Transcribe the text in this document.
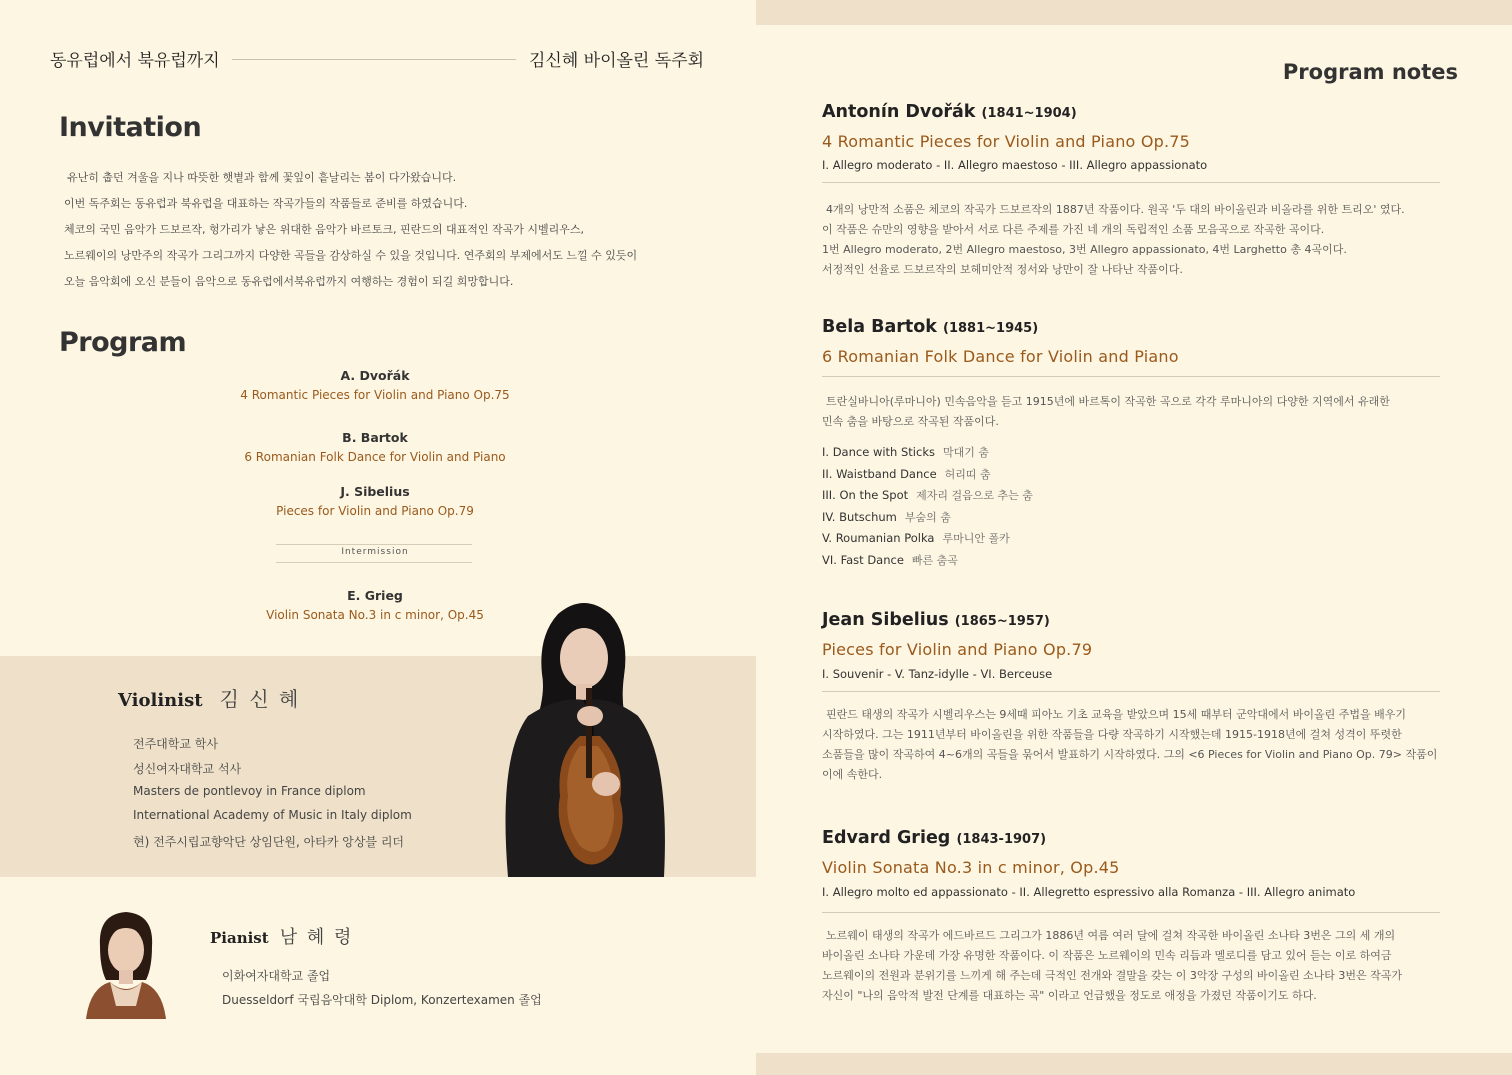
동유럽에서 북유럽까지	김신혜 바이올린 독주회
Invitation
유난히 춥던 겨울을 지나 따뜻한 햇볕과 함께 꽃잎이 흩날리는 봄이 다가왔습니다.
이번 독주회는 동유럽과 북유럽을 대표하는 작곡가들의 작품들로 준비를 하였습니다.
체코의 국민 음악가 드보르작, 헝가리가 낳은 위대한 음악가 바르토크, 핀란드의 대표적인 작곡가 시벨리우스,
노르웨이의 낭만주의 작곡가 그리그까지 다양한 곡들을 감상하실 수 있을 것입니다. 연주회의 부제에서도 느낄 수 있듯이
오늘 음악회에 오신 분들이 음악으로 동유럽에서북유럽까지 여행하는 경험이 되길 희망합니다.
Program
A. Dvořák
4 Romantic Pieces for Violin and Piano Op.75
B. Bartok
6 Romanian Folk Dance for Violin and Piano
J. Sibelius
Pieces for Violin and Piano Op.79
Intermission
E. Grieg
Violin Sonata No.3 in c minor, Op.45
Violinist 김 신 혜
전주대학교 학사
성신여자대학교 석사
Masters de pontlevoy in France diplom
International Academy of Music in Italy diplom
현) 전주시립교향악단 상임단원, 아타카 앙상블 리더
Pianist 남 혜 령
이화여자대학교 졸업
Duesseldorf 국립음악대학 Diplom, Konzertexamen 졸업
Program notes
Antonín Dvořák (1841~1904)
4 Romantic Pieces for Violin and Piano Op.75
I. Allegro moderato - II. Allegro maestoso - III. Allegro appassionato
4개의 낭만적 소품은 체코의 작곡가 드보르작의 1887년 작품이다. 원곡 '두 대의 바이올린과 비올라를 위한 트리오' 였다.
이 작품은 슈만의 영향을 받아서 서로 다른 주제를 가진 네 개의 독립적인 소품 모음곡으로 작곡한 곡이다.
1번 Allegro moderato, 2번 Allegro maestoso, 3번 Allegro appassionato, 4번 Larghetto 총 4곡이다.
서정적인 선율로 드보르작의 보헤미안적 정서와 낭만이 잘 나타난 작품이다.
Bela Bartok (1881~1945)
6 Romanian Folk Dance for Violin and Piano
트란실바니아(루마니아) 민속음악을 듣고 1915년에 바르톡이 작곡한 곡으로 각각 루마니아의 다양한 지역에서 유래한
민속 춤을 바탕으로 작곡된 작품이다.
I. Dance with Sticks 막대기 춤
II. Waistband Dance 허리띠 춤
III. On the Spot 제자리 걸음으로 추는 춤
IV. Butschum 부숨의 춤
V. Roumanian Polka 루마니안 폴카
VI. Fast Dance 빠른 춤곡
Jean Sibelius (1865~1957)
Pieces for Violin and Piano Op.79
I. Souvenir - V. Tanz-idylle - VI. Berceuse
핀란드 태생의 작곡가 시벨리우스는 9세때 피아노 기초 교육을 받았으며 15세 때부터 군악대에서 바이올린 주법을 배우기
시작하였다. 그는 1911년부터 바이올린을 위한 작품들을 다량 작곡하기 시작했는데 1915-1918년에 걸쳐 성격이 뚜렷한
소품들을 많이 작곡하여 4~6개의 곡들을 묶어서 발표하기 시작하였다. 그의 <6 Pieces for Violin and Piano Op. 79> 작품이
이에 속한다.
Edvard Grieg (1843-1907)
Violin Sonata No.3 in c minor, Op.45
I. Allegro molto ed appassionato - II. Allegretto espressivo alla Romanza - III. Allegro animato
노르웨이 태생의 작곡가 에드바르드 그리그가 1886년 여름 여러 달에 걸쳐 작곡한 바이올린 소나타 3번은 그의 세 개의
바이올린 소나타 가운데 가장 유명한 작품이다. 이 작품은 노르웨이의 민속 리듬과 멜로디를 담고 있어 듣는 이로 하여금
노르웨이의 전원과 분위기를 느끼게 해 주는데 극적인 전개와 결말을 갖는 이 3악장 구성의 바이올린 소나타 3번은 작곡가
자신이 "나의 음악적 발전 단계를 대표하는 곡" 이라고 언급했을 정도로 애정을 가졌던 작품이기도 하다.
